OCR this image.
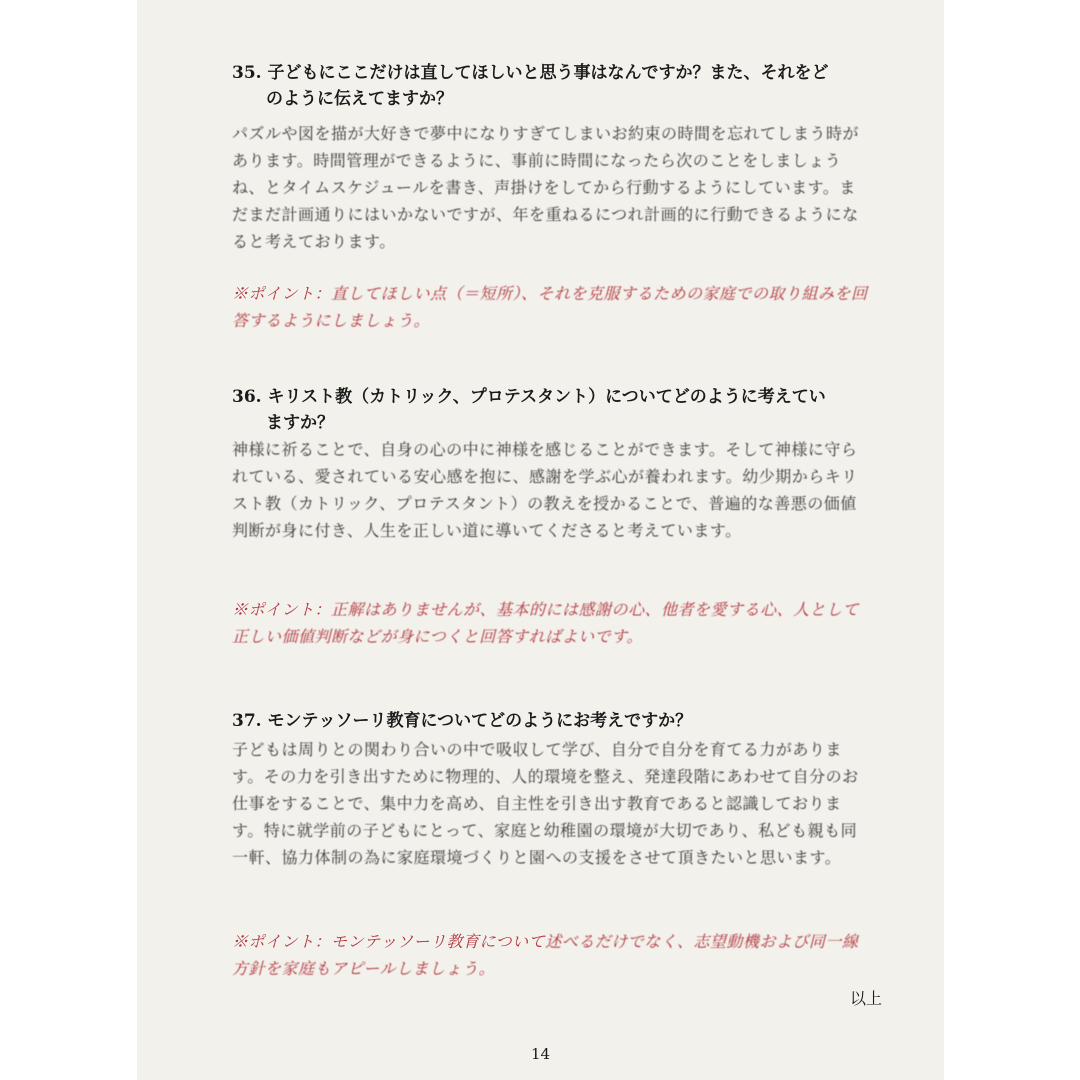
35. 子どもにここだけは直してほしいと思う事はなんですか？また、それをど
のように伝えてますか？
パズルや図を描が大好きで夢中になりすぎてしまいお約束の時間を忘れてしまう時があります。時間管理ができるように、事前に時間になったら次のことをしましょうね、とタイムスケジュールを書き、声掛けをしてから行動するようにしています。まだまだ計画通りにはいかないですが、年を重ねるにつれ計画的に行動できるようになると考えております。
※ポイント：直してほしい点（＝短所）、それを克服するための家庭での取り組みを回答するようにしましょう。
36. キリスト教（カトリック、プロテスタント）についてどのように考えてい
ますか？
神様に祈ることで、自身の心の中に神様を感じることができます。そして神様に守られている、愛されている安心感を抱に、感謝を学ぶ心が養われます。幼少期からキリスト教（カトリック、プロテスタント）の教えを授かることで、普遍的な善悪の価値判断が身に付き、人生を正しい道に導いてくださると考えています。
※ポイント：正解はありませんが、基本的には感謝の心、他者を愛する心、人として正しい価値判断などが身につくと回答すればよいです。
37. モンテッソーリ教育についてどのようにお考えですか？
子どもは周りとの関わり合いの中で吸収して学び、自分で自分を育てる力があります。その力を引き出すために物理的、人的環境を整え、発達段階にあわせて自分のお仕事をすることで、集中力を高め、自主性を引き出す教育であると認識しております。特に就学前の子どもにとって、家庭と幼稚園の環境が大切であり、私ども親も同一軒、協力体制の為に家庭環境づくりと園への支援をさせて頂きたいと思います。
※ポイント：モンテッソーリ教育について述べるだけでなく、志望動機および同一線方針を家庭もアピールしましょう。
以上
14
